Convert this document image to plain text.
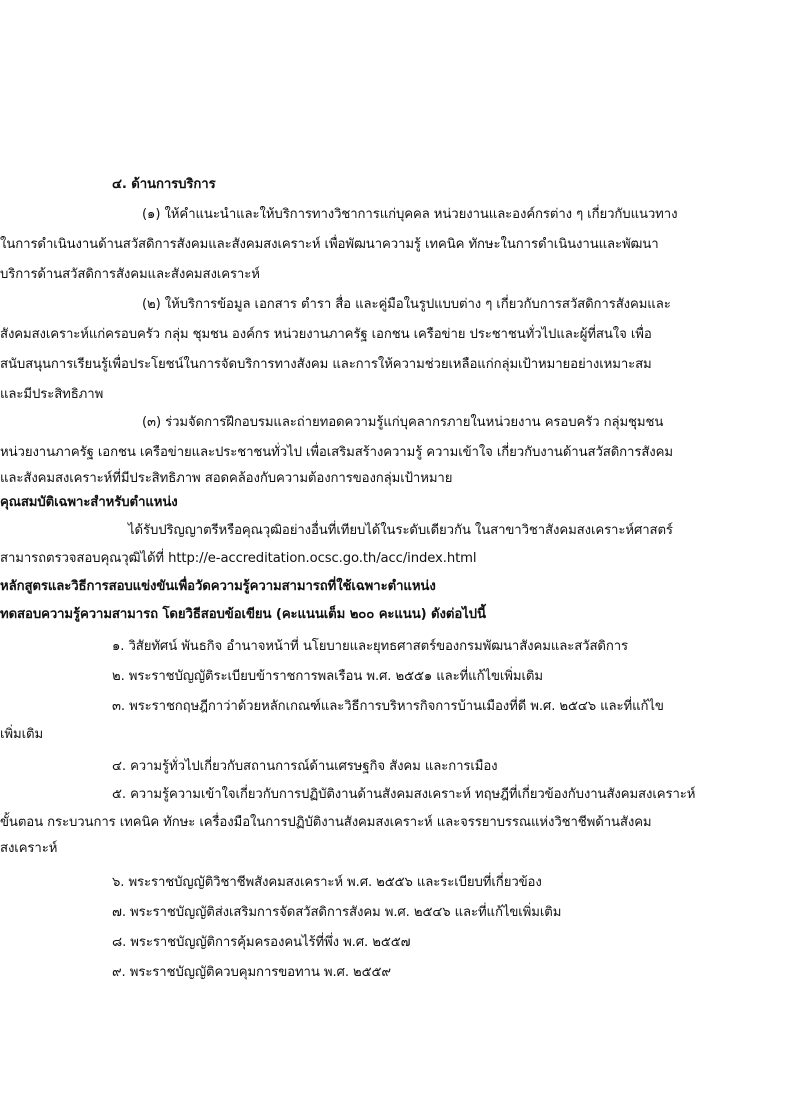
๔. ด้านการบริการ
(๑) ให้คำแนะนำและให้บริการทางวิชาการแก่บุคคล หน่วยงานและองค์กรต่าง ๆ เกี่ยวกับแนวทาง
ในการดำเนินงานด้านสวัสดิการสังคมและสังคมสงเคราะห์ เพื่อพัฒนาความรู้ เทคนิค ทักษะในการดำเนินงานและพัฒนา
บริการด้านสวัสดิการสังคมและสังคมสงเคราะห์
(๒) ให้บริการข้อมูล เอกสาร ตำรา สื่อ และคู่มือในรูปแบบต่าง ๆ เกี่ยวกับการสวัสดิการสังคมและ
สังคมสงเคราะห์แก่ครอบครัว กลุ่ม ชุมชน องค์กร หน่วยงานภาครัฐ เอกชน เครือข่าย ประชาชนทั่วไปและผู้ที่สนใจ เพื่อ
สนับสนุนการเรียนรู้เพื่อประโยชน์ในการจัดบริการทางสังคม และการให้ความช่วยเหลือแก่กลุ่มเป้าหมายอย่างเหมาะสม
และมีประสิทธิภาพ
(๓) ร่วมจัดการฝึกอบรมและถ่ายทอดความรู้แก่บุคลากรภายในหน่วยงาน ครอบครัว กลุ่มชุมชน
หน่วยงานภาครัฐ เอกชน เครือข่ายและประชาชนทั่วไป เพื่อเสริมสร้างความรู้ ความเข้าใจ เกี่ยวกับงานด้านสวัสดิการสังคม
และสังคมสงเคราะห์ที่มีประสิทธิภาพ สอดคล้องกับความต้องการของกลุ่มเป้าหมาย
คุณสมบัติเฉพาะสำหรับตำแหน่ง
ได้รับปริญญาตรีหรือคุณวุฒิอย่างอื่นที่เทียบได้ในระดับเดียวกัน ในสาขาวิชาสังคมสงเคราะห์ศาสตร์
สามารถตรวจสอบคุณวุฒิได้ที่ http://e-accreditation.ocsc.go.th/acc/index.html
หลักสูตรและวิธีการสอบแข่งขันเพื่อวัดความรู้ความสามารถที่ใช้เฉพาะตำแหน่ง
ทดสอบความรู้ความสามารถ โดยวิธีสอบข้อเขียน (คะแนนเต็ม ๒๐๐ คะแนน) ดังต่อไปนี้
๑. วิสัยทัศน์ พันธกิจ อำนาจหน้าที่ นโยบายและยุทธศาสตร์ของกรมพัฒนาสังคมและสวัสดิการ
๒. พระราชบัญญัติระเบียบข้าราชการพลเรือน พ.ศ. ๒๕๕๑ และที่แก้ไขเพิ่มเติม
๓. พระราชกฤษฎีกาว่าด้วยหลักเกณฑ์และวิธีการบริหารกิจการบ้านเมืองที่ดี พ.ศ. ๒๕๔๖ และที่แก้ไข
เพิ่มเติม
๔. ความรู้ทั่วไปเกี่ยวกับสถานการณ์ด้านเศรษฐกิจ สังคม และการเมือง
๕. ความรู้ความเข้าใจเกี่ยวกับการปฏิบัติงานด้านสังคมสงเคราะห์ ทฤษฎีที่เกี่ยวข้องกับงานสังคมสงเคราะห์
ขั้นตอน กระบวนการ เทคนิค ทักษะ เครื่องมือในการปฏิบัติงานสังคมสงเคราะห์ และจรรยาบรรณแห่งวิชาชีพด้านสังคม
สงเคราะห์
๖. พระราชบัญญัติวิชาชีพสังคมสงเคราะห์ พ.ศ. ๒๕๕๖ และระเบียบที่เกี่ยวข้อง
๗. พระราชบัญญัติส่งเสริมการจัดสวัสดิการสังคม พ.ศ. ๒๕๔๖ และที่แก้ไขเพิ่มเติม
๘. พระราชบัญญัติการคุ้มครองคนไร้ที่พึ่ง พ.ศ. ๒๕๕๗
๙. พระราชบัญญัติควบคุมการขอทาน พ.ศ. ๒๕๕๙
